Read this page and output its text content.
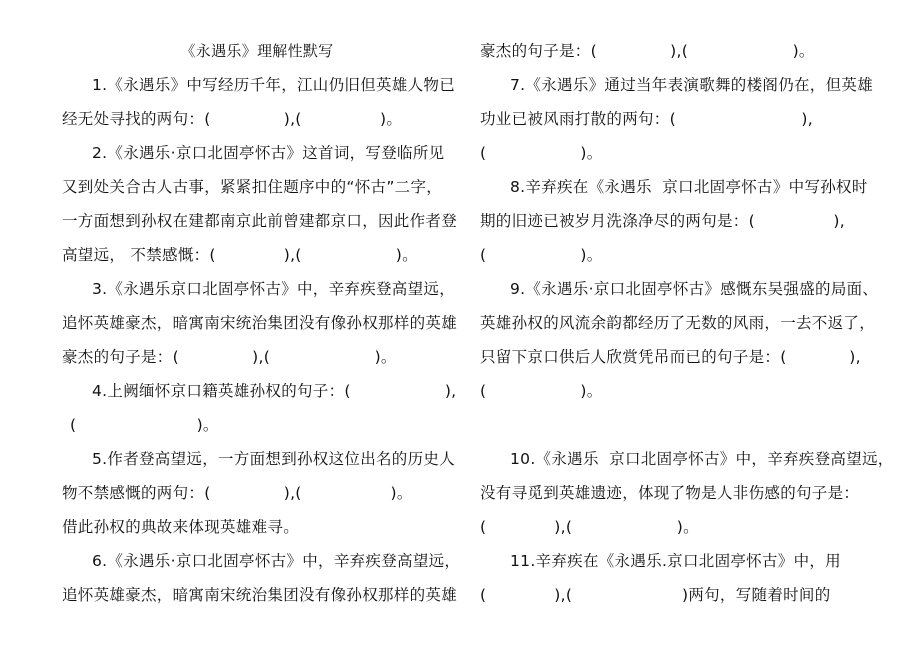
《永遇乐》理解性默写
1.《永遇乐》中写经历千年，江山仍旧但英雄人物已
经无处寻找的两句：(              ),(               )。
2.《永遇乐·京口北固亭怀古》这首词，写登临所见
又到处关合古人古事，紧紧扣住题序中的“怀古”二字，
一方面想到孙权在建都南京此前曾建都京口，因此作者登
高望远， 不禁感慨：(             ),(                  )。
3.《永遇乐京口北固亭怀古》中，辛弃疾登高望远，
追怀英雄豪杰，暗寓南宋统治集团没有像孙权那样的英雄
豪杰的句子是：(              ),(                    )。
4.上阙缅怀京口籍英雄孙权的句子：(                  ),
(                       )。
5.作者登高望远，一方面想到孙权这位出名的历史人
物不禁感慨的两句：(              ),(                 )。
借此孙权的典故来体现英雄难寻。
6.《永遇乐·京口北固亭怀古》中，辛弃疾登高望远，
追怀英雄豪杰，暗寓南宋统治集团没有像孙权那样的英雄
豪杰的句子是：(              ),(                    )。
7.《永遇乐》通过当年表演歌舞的楼阁仍在，但英雄
功业已被风雨打散的两句：(                        ),
(                  )。
8.辛弃疾在《永遇乐  京口北固亭怀古》中写孙权时
期的旧迹已被岁月洗涤净尽的两句是：(               ),
(                  )。
9.《永遇乐·京口北固亭怀古》感慨东吴强盛的局面、
英雄孙权的风流余韵都经历了无数的风雨，一去不返了，
只留下京口供后人欣赏凭吊而已的句子是：(            ),
(                  )。
10.《永遇乐  京口北固亭怀古》中，辛弃疾登高望远，
没有寻觅到英雄遗迹，体现了物是人非伤感的句子是：
(             ),(                    )。
11.辛弃疾在《永遇乐.京口北固亭怀古》中，用
(             ),(                     )两句，写随着时间的
